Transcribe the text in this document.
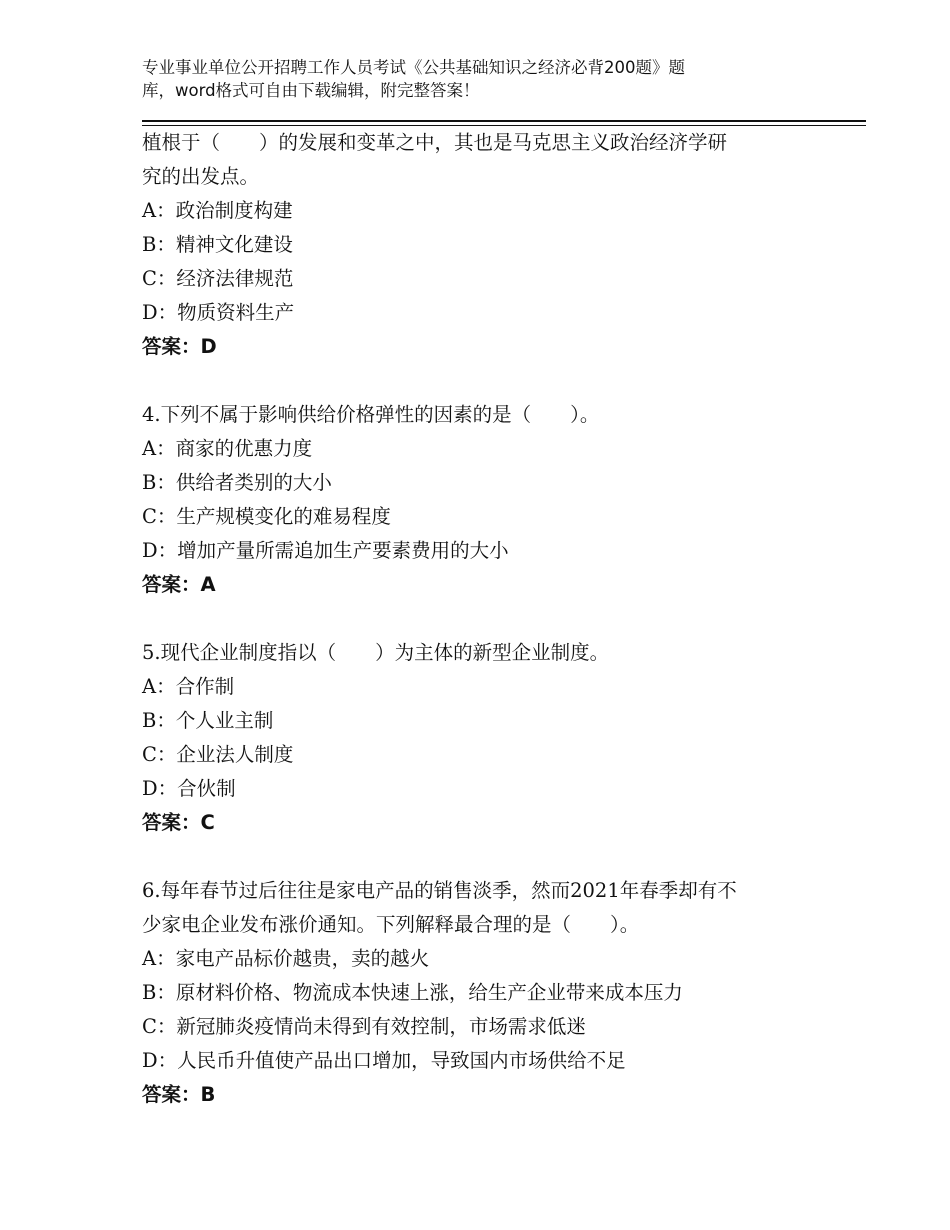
专业事业单位公开招聘工作人员考试《公共基础知识之经济必背200题》题
库，word格式可自由下载编辑，附完整答案！
植根于（　　）的发展和变革之中，其也是马克思主义政治经济学研
究的出发点。
A：政治制度构建
B：精神文化建设
C：经济法律规范
D：物质资料生产
答案：D
4.下列不属于影响供给价格弹性的因素的是（　　）。
A：商家的优惠力度
B：供给者类别的大小
C：生产规模变化的难易程度
D：增加产量所需追加生产要素费用的大小
答案：A
5.现代企业制度指以（　　）为主体的新型企业制度。
A：合作制
B：个人业主制
C：企业法人制度
D：合伙制
答案：C
6.每年春节过后往往是家电产品的销售淡季，然而2021年春季却有不
少家电企业发布涨价通知。下列解释最合理的是（　　）。
A：家电产品标价越贵，卖的越火
B：原材料价格、物流成本快速上涨，给生产企业带来成本压力
C：新冠肺炎疫情尚未得到有效控制，市场需求低迷
D：人民币升值使产品出口增加，导致国内市场供给不足
答案：B
